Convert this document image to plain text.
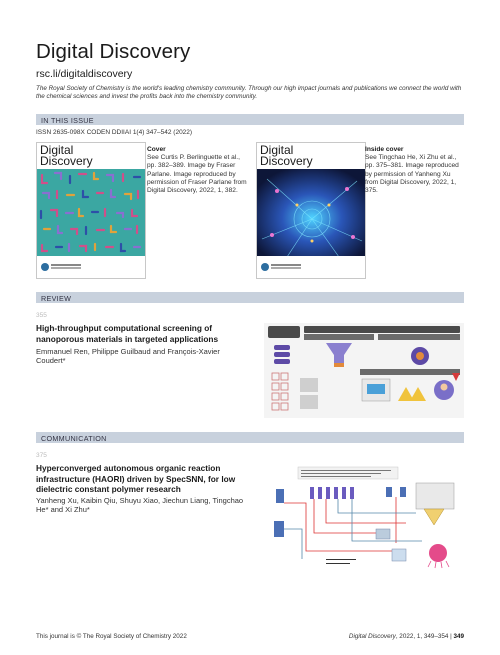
Digital Discovery
rsc.li/digitaldiscovery
The Royal Society of Chemistry is the world's leading chemistry community. Through our high impact journals and publications we connect the world with the chemical sciences and invest the profits back into the chemistry community.
IN THIS ISSUE
ISSN 2635-098X CODEN DDIIAI 1(4) 347–542 (2022)
Digital
Discovery
Cover
See Curtis P. Berlinguette et al., pp. 382–389. Image by Fraser Parlane. Image reproduced by permission of Fraser Parlane from Digital Discovery, 2022, 1, 382.
Digital
Discovery
Inside cover
See Tingchao He, Xi Zhu et al., pp. 375–381. Image reproduced by permission of Yanheng Xu from Digital Discovery, 2022, 1, 375.
REVIEW
355
High-throughput computational screening of nanoporous materials in targeted applications
Emmanuel Ren, Philippe Guilbaud and François-Xavier Coudert*
COMMUNICATION
375
Hyperconverged autonomous organic reaction infrastructure (HAORI) driven by SpecSNN, for low dielectric constant polymer research
Yanheng Xu, Kaibin Qiu, Shuyu Xiao, Jiechun Liang, Tingchao He* and Xi Zhu*
This journal is © The Royal Society of Chemistry 2022	Digital Discovery, 2022, 1, 349–354 | 349
